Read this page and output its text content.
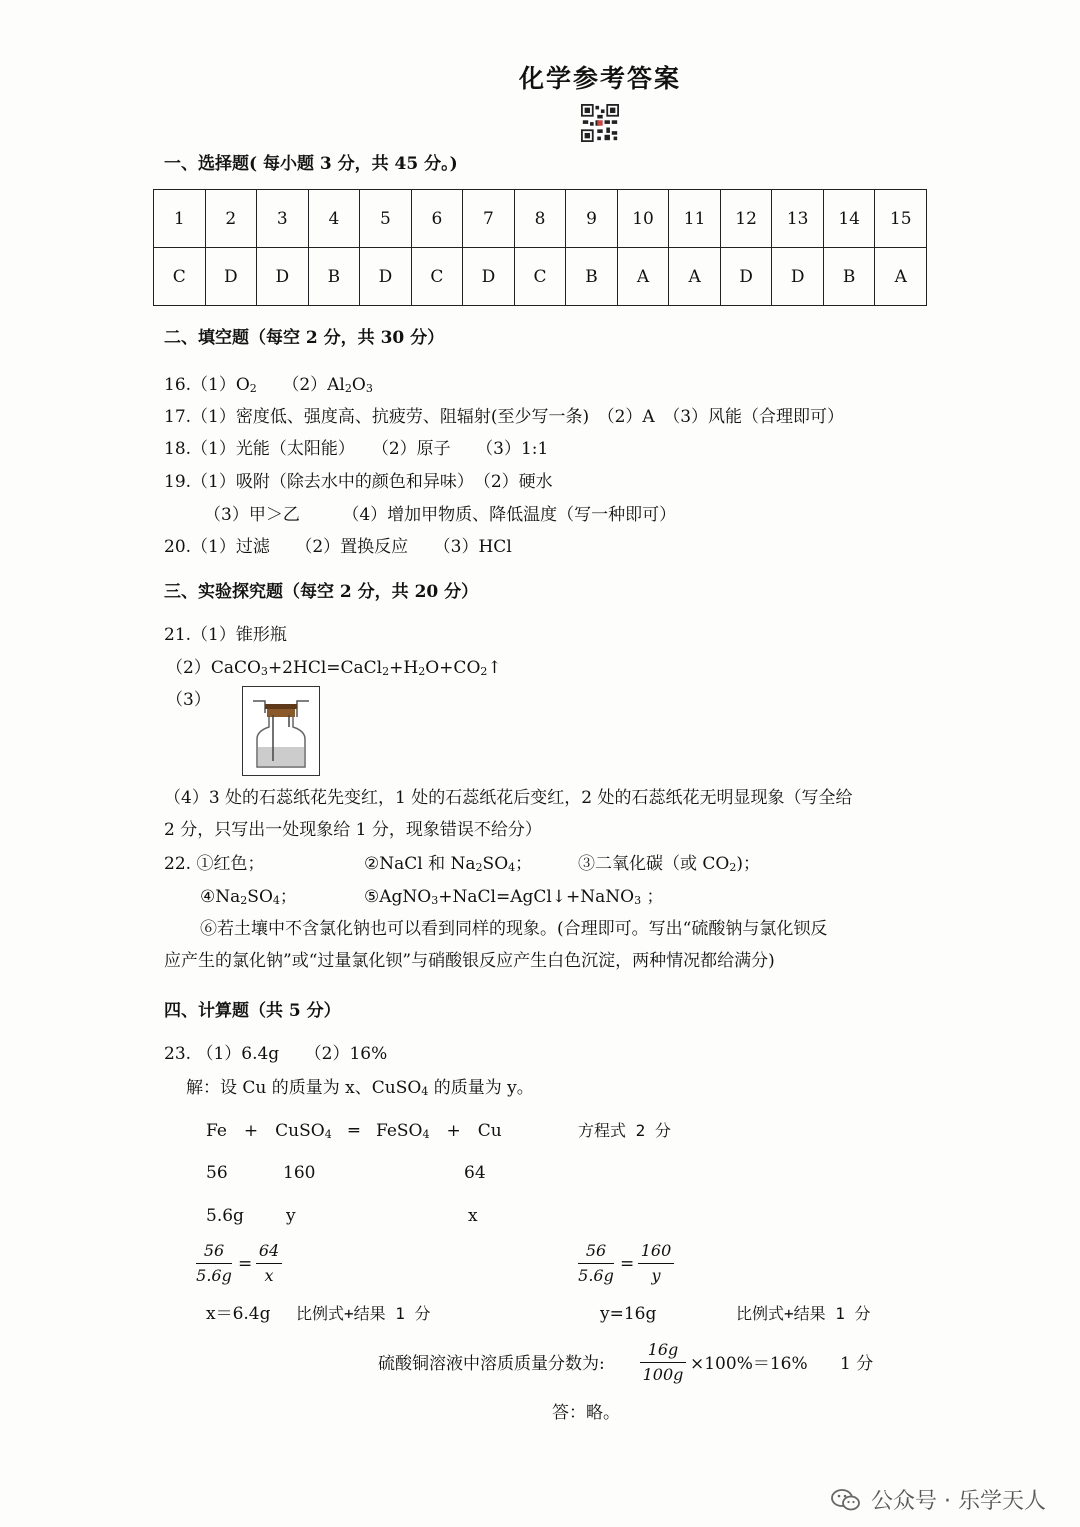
化学参考答案
一、选择题( 每小题 3 分，共 45 分。)
1	2	3	4	5	6	7	8	9	10	11	12	13	14	15
C	D	D	B	D	C	D	C	B	A	A	D	D	B	A
二、填空题（每空 2 分，共 30 分）
$16.(1)O_2$　　$(2)Al_2O_3$
17.（1）密度低、强度高、抗疲劳、阻辐射(至少写一条)　（2）A　（3）风能（合理即可）
18.（1）光能（太阳能）　　（2）原子　　（3）1:1
19.（1）吸附（除去水中的颜色和异味）　（2）硬水
（3）甲＞乙　　　（4）增加甲物质、降低温度（写一种即可）
20.（1）过滤　　（2）置换反应　　（3）HCl
三、实验探究题（每空 2 分，共 20 分）
21.（1）锥形瓶
$(2)CaCO_3+2HCl=CaCl_2+H_2O+CO_2↑$
（3）
（4）3 处的石蕊纸花先变红，1 处的石蕊纸花后变红，2 处的石蕊纸花无明显现象（写全给
2 分，只写出一处现象给 1 分，现象错误不给分）
22. ①红色；	②NaCl 和 $Na_2SO_4$；	③二氧化碳（或 $CO_2$)；
$④Na_2SO_4$；	⑤AgNO$_3$+NaCl=AgCl↓+NaNO$_3$ ；
⑥若土壤中不含氯化钠也可以看到同样的现象。(合理即可。写出“硫酸钠与氯化钡反
应产生的氯化钠”或“过量氯化钡”与硝酸银反应产生白色沉淀，两种情况都给满分)
四、计算题（共 5 分）
23. （1）6.4g　　（2）16%
解：设 Cu 的质量为 x、CuSO$_4$ 的质量为 y。
Fe　+　CuSO$_4$　═　FeSO$_4$　+　Cu	方程式 2 分
56	160	64
5.6g y	x
$\frac{56}{5.6g} = \frac{64}{x}$	$\frac{56}{5.6g} = \frac{160}{y}$
x＝6.4g 比例式+结果 1 分	y=16g	比例式+结果 1 分
硫酸铜溶液中溶质质量分数为: $\frac{16g}{100g} \times 100\%=16\%$ 1 分
答：略。
公众号 · 乐学天人
